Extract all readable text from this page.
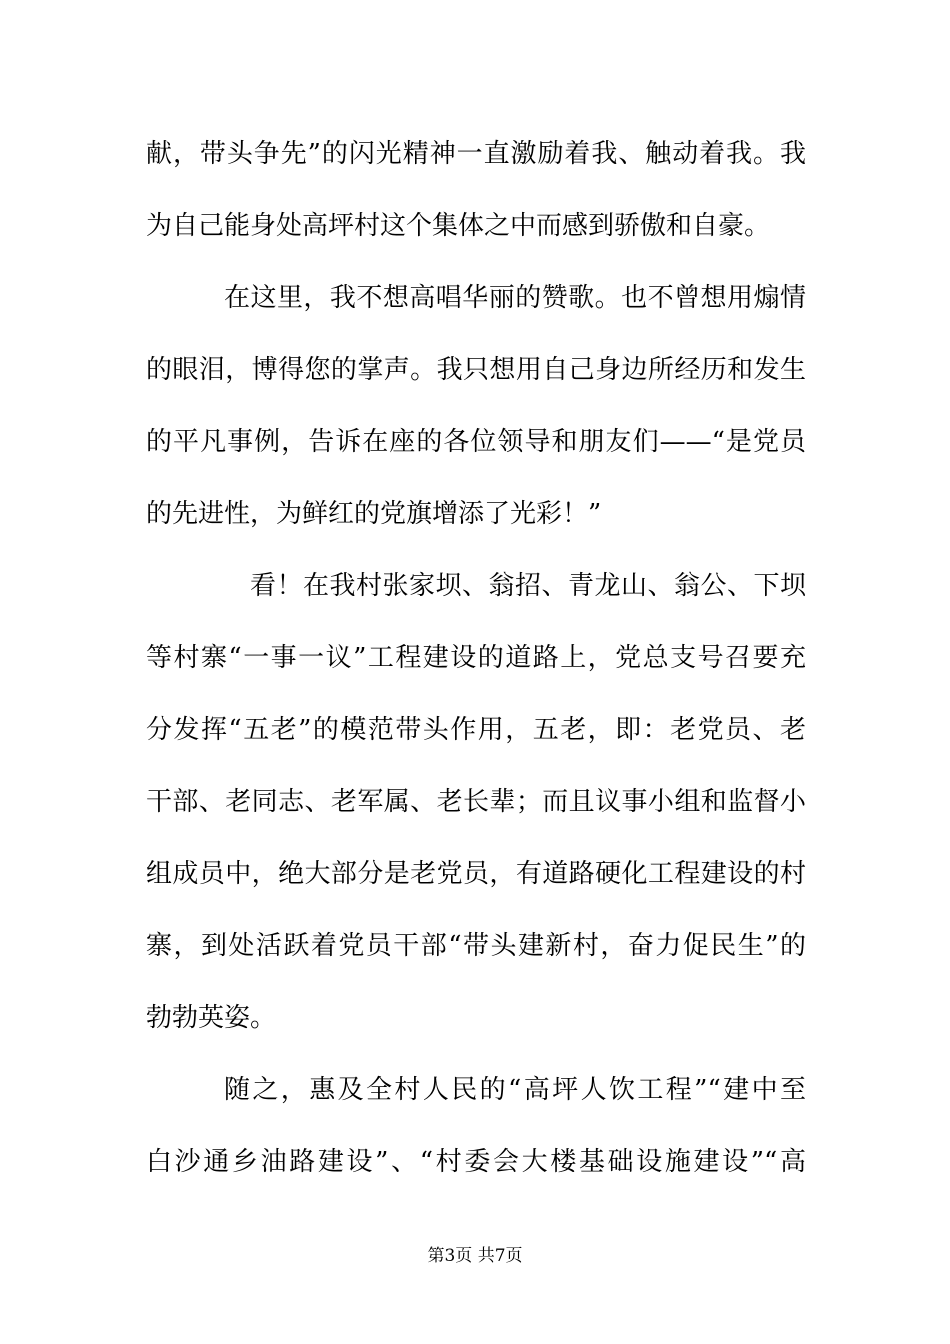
献，带头争先”的闪光精神一直激励着我、触动着我。我
为自己能身处高坪村这个集体之中而感到骄傲和自豪。
在这里，我不想高唱华丽的赞歌。也不曾想用煽情
的眼泪，博得您的掌声。我只想用自己身边所经历和发生
的平凡事例，告诉在座的各位领导和朋友们——“是党员
的先进性，为鲜红的党旗增添了光彩！”
看！在我村张家坝、翁招、青龙山、翁公、下坝
等村寨“一事一议”工程建设的道路上，党总支号召要充
分发挥“五老”的模范带头作用，五老，即：老党员、老
干部、老同志、老军属、老长辈；而且议事小组和监督小
组成员中，绝大部分是老党员，有道路硬化工程建设的村
寨，到处活跃着党员干部“带头建新村，奋力促民生”的
勃勃英姿。
随之，惠及全村人民的“高坪人饮工程”“建中至
白沙通乡油路建设”、“村委会大楼基础设施建设”“高
第3页 共7页
